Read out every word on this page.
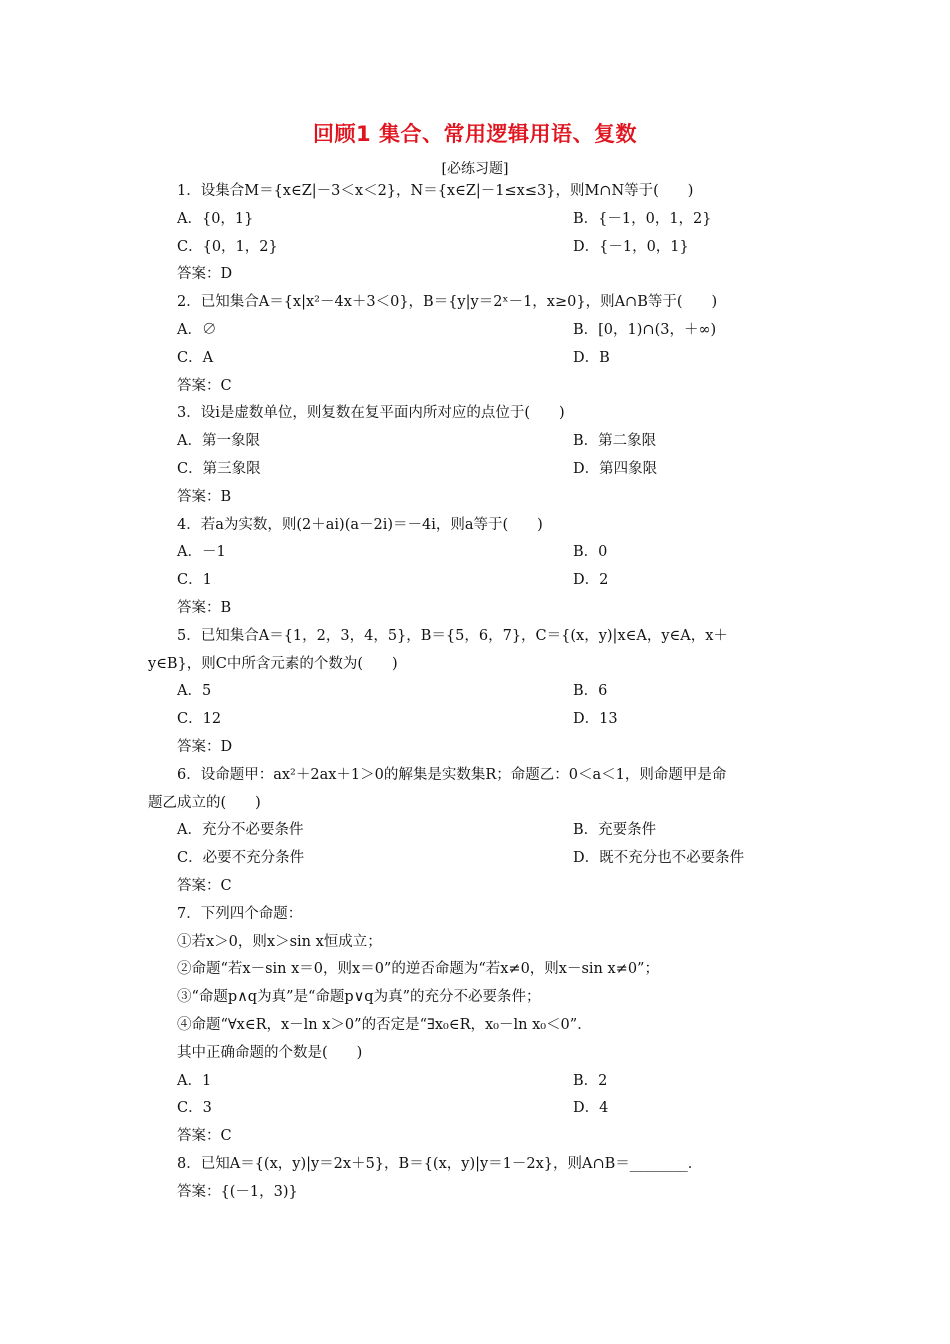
回顾1 集合、常用逻辑用语、复数
[必练习题]
1．设集合M＝{x∈Z|－3＜x＜2}，N＝{x∈Z|－1≤x≤3}，则M∩N等于(　　)
A．{0，1}	B．{－1，0，1，2}
C．{0，1，2}	D．{－1，0，1}
答案：D
2．已知集合A＝{x|x²－4x＋3＜0}，B＝{y|y＝2ˣ－1，x≥0}，则A∩B等于(　　)
A．∅	B．[0，1)∩(3，＋∞)
C．A	D．B
答案：C
3．设i是虚数单位，则复数在复平面内所对应的点位于(　　)
A．第一象限	B．第二象限
C．第三象限	D．第四象限
答案：B
4．若a为实数，则(2＋ai)(a－2i)＝－4i，则a等于(　　)
A．－1	B．0
C．1	D．2
答案：B
5．已知集合A＝{1，2，3，4，5}，B＝{5，6，7}，C＝{(x，y)|x∈A，y∈A，x＋
y∈B}，则C中所含元素的个数为(　　)
A．5	B．6
C．12	D．13
答案：D
6．设命题甲：ax²＋2ax＋1＞0的解集是实数集R；命题乙：0＜a＜1，则命题甲是命
题乙成立的(　　)
A．充分不必要条件	B．充要条件
C．必要不充分条件	D．既不充分也不必要条件
答案：C
7．下列四个命题：
①若x＞0，则x＞sin x恒成立；
②命题“若x－sin x＝0，则x＝0”的逆否命题为“若x≠0，则x－sin x≠0”；
③“命题p∧q为真”是“命题p∨q为真”的充分不必要条件；
④命题“∀x∈R，x－ln x＞0”的否定是“∃x₀∈R，x₀－ln x₀＜0”．
其中正确命题的个数是(　　)
A．1	B．2
C．3	D．4
答案：C
8．已知A＝{(x，y)|y＝2x＋5}，B＝{(x，y)|y＝1－2x}，则A∩B＝________．
答案：{(－1，3)}
